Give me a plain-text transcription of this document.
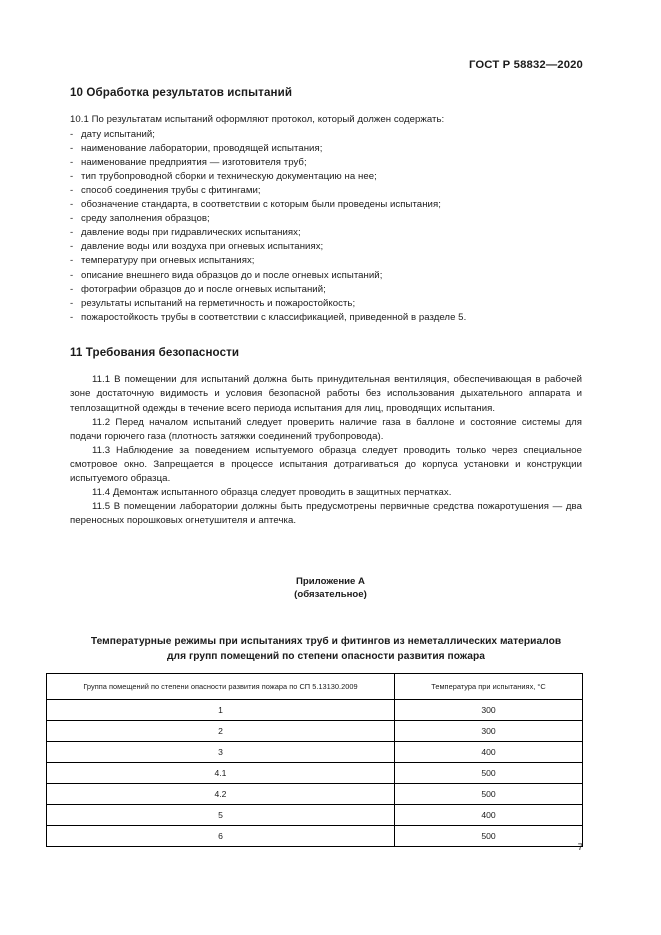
ГОСТ Р 58832—2020
10 Обработка результатов испытаний

10.1 По результатам испытаний оформляют протокол, который должен содержать:

- дату испытаний;
- наименование лаборатории, проводящей испытания;
- наименование предприятия — изготовителя труб;
- тип трубопроводной сборки и техническую документацию на нее;
- способ соединения трубы с фитингами;
- обозначение стандарта, в соответствии с которым были проведены испытания;
- среду заполнения образцов;
- давление воды при гидравлических испытаниях;
- давление воды или воздуха при огневых испытаниях;
- температуру при огневых испытаниях;
- описание внешнего вида образцов до и после огневых испытаний;
- фотографии образцов до и после огневых испытаний;
- результаты испытаний на герметичность и пожаростойкость;
- пожаростойкость трубы в соответствии с классификацией, приведенной в разделе 5.
11 Требования безопасности

11.1 В помещении для испытаний должна быть принудительная вентиляция, обеспечивающая в рабочей зоне достаточную видимость и условия безопасной работы без использования дыхательного аппарата и теплозащитной одежды в течение всего периода испытания для лиц, проводящих испытания.

11.2 Перед началом испытаний следует проверить наличие газа в баллоне и состояние системы для подачи горючего газа (плотность затяжки соединений трубопровода).

11.3 Наблюдение за поведением испытуемого образца следует проводить только через специальное смотровое окно. Запрещается в процессе испытания дотрагиваться до корпуса установки и конструкции испытуемого образца.

11.4 Демонтаж испытанного образца следует проводить в защитных перчатках.

11.5 В помещении лаборатории должны быть предусмотрены первичные средства пожаротушения — два переносных порошковых огнетушителя и аптечка.

Приложение А
(обязательное)
Температурные режимы при испытаниях труб и фитингов из неметаллических материалов
для групп помещений по степени опасности развития пожара
Группа помещений по степени опасности развития пожара по СП 5.13130.2009	Температура при испытаниях, °С
1	300
2	300
3	400
4.1	500
4.2	500
5	400
6	500
7
